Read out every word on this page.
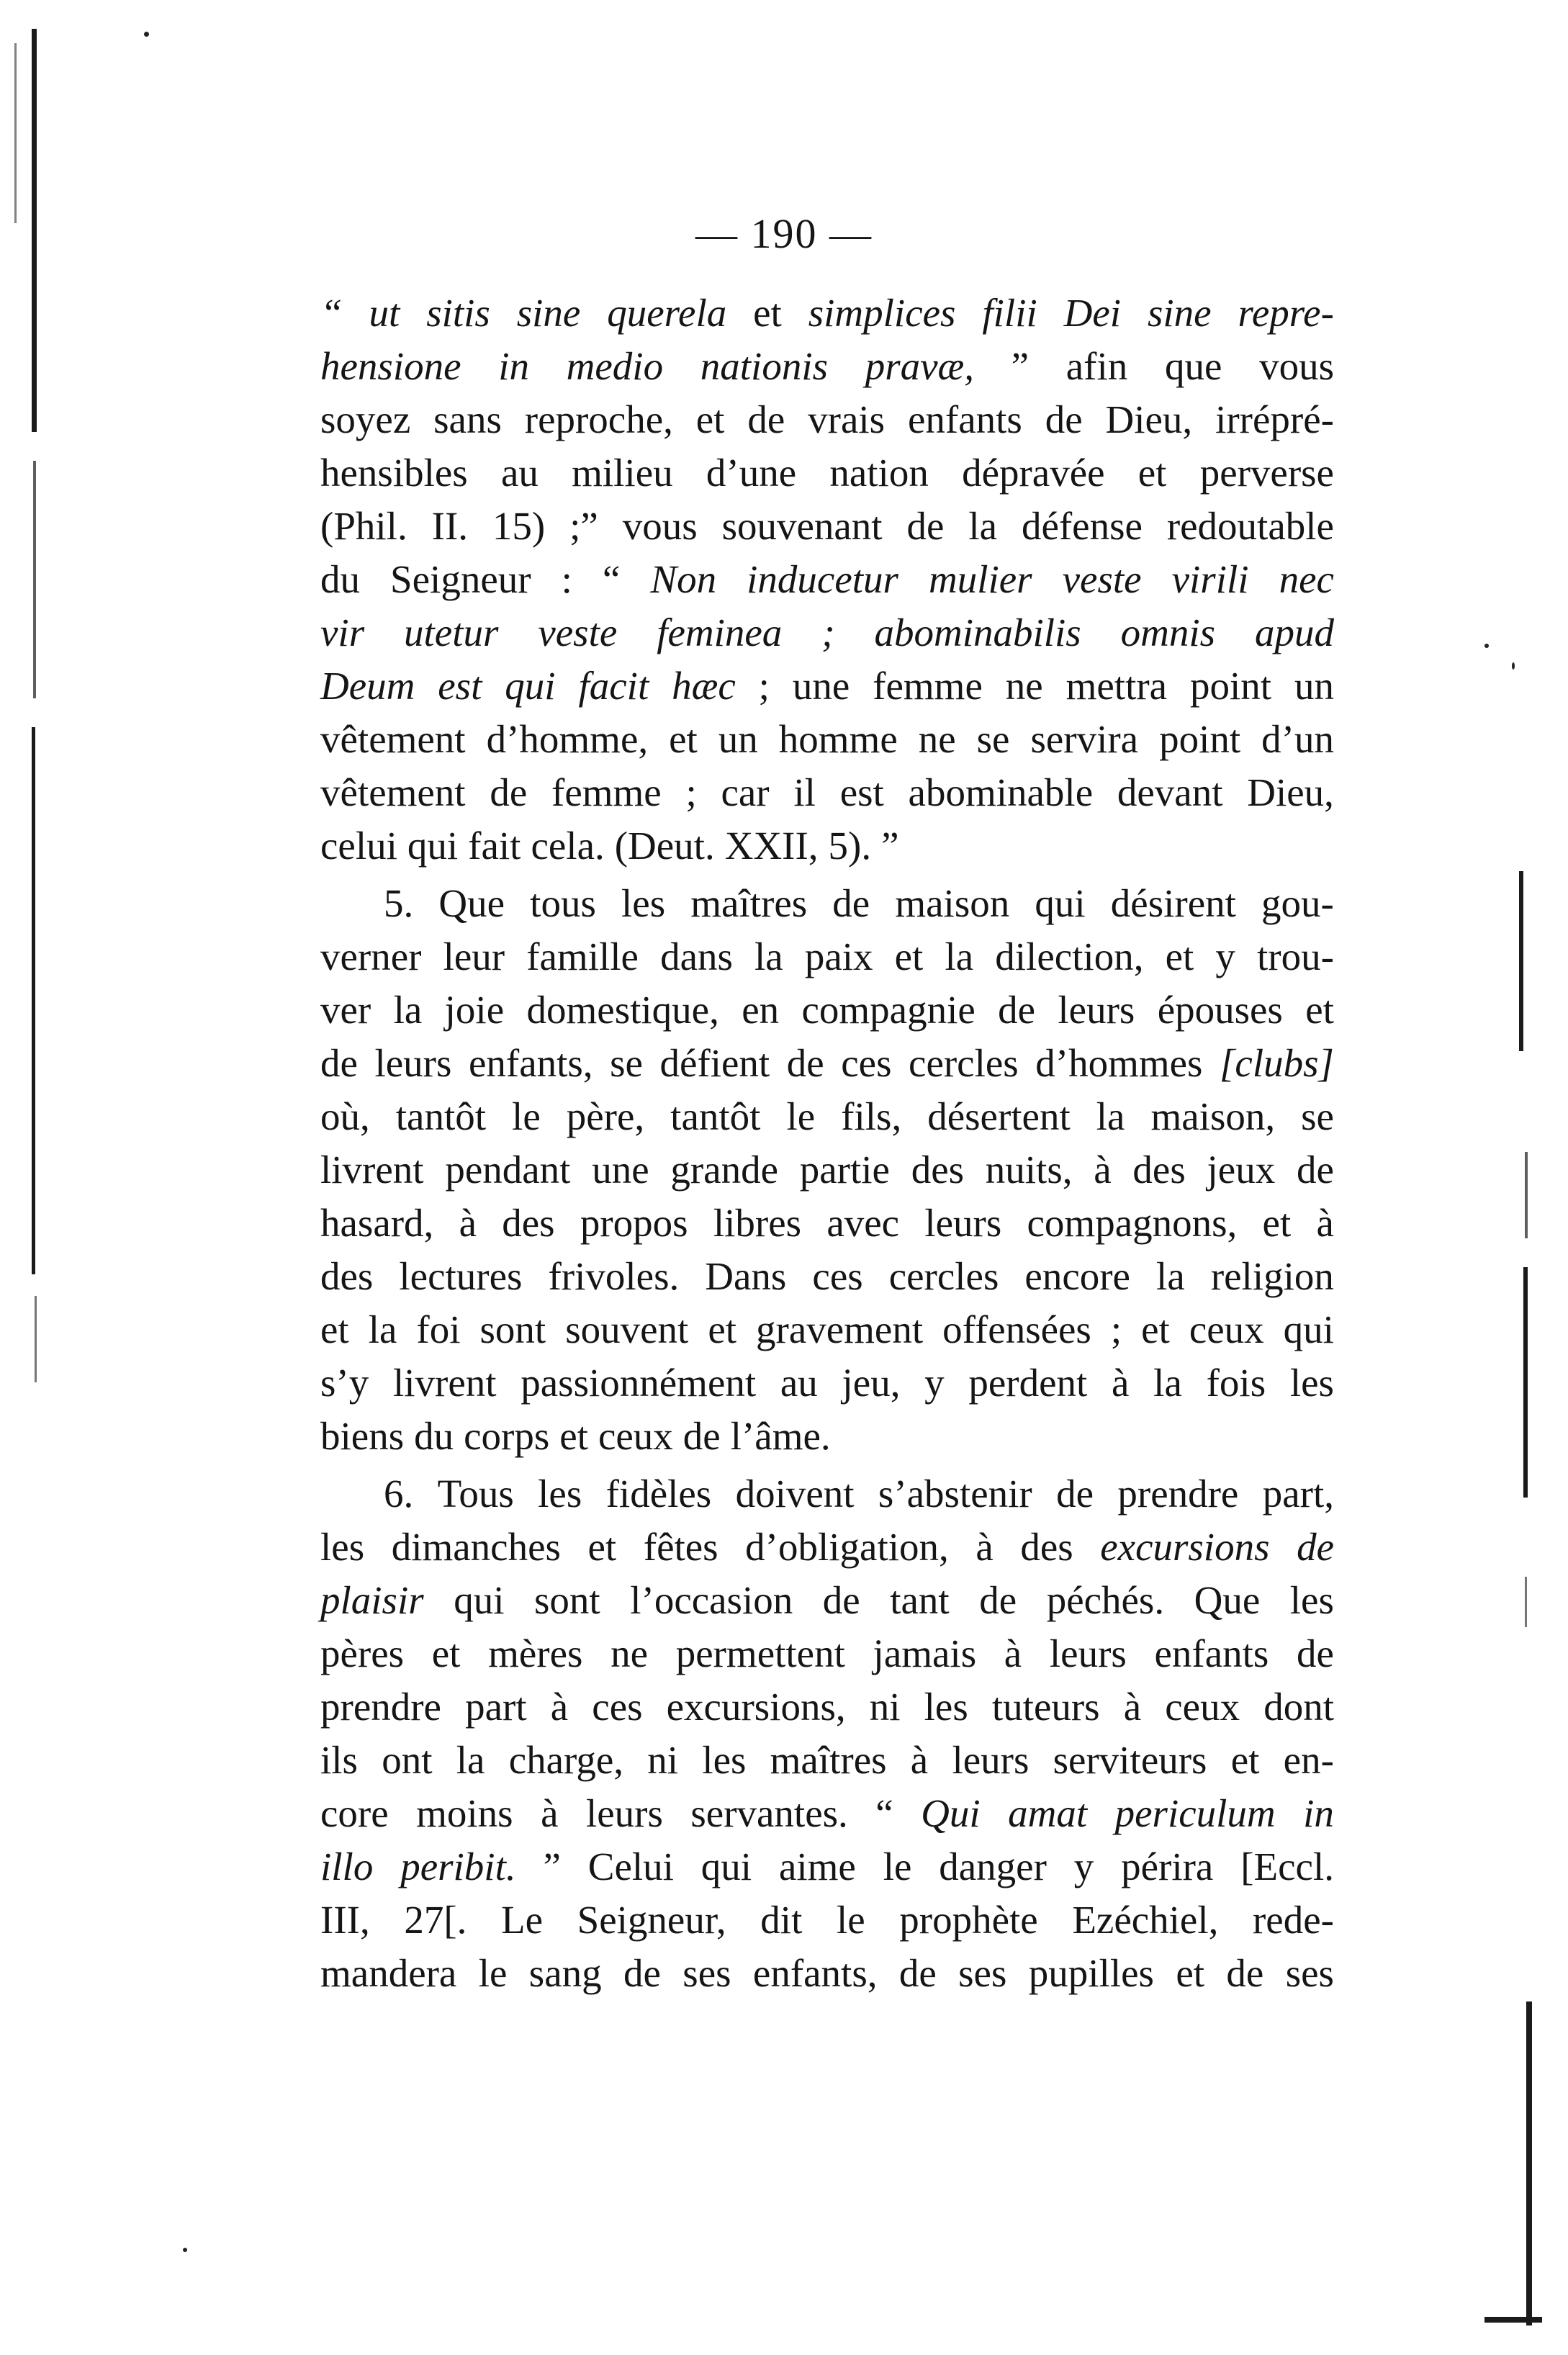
— 190 —
“ ut sitis sine querela et simplices filii Dei sine repre-
hensione in medio nationis pravæ, ” afin que vous
soyez sans reproche, et de vrais enfants de Dieu, irrépré-
hensibles au milieu d’une nation dépravée et perverse
(Phil. II. 15) ;” vous souvenant de la défense redoutable
du Seigneur : “ Non inducetur mulier veste virili nec
vir utetur veste feminea ; abominabilis omnis apud
Deum est qui facit hæc ; une femme ne mettra point un
vêtement d’homme, et un homme ne se servira point d’un
vêtement de femme ; car il est abominable devant Dieu,
celui qui fait cela. (Deut. XXII, 5). ”
5. Que tous les maîtres de maison qui désirent gou-
verner leur famille dans la paix et la dilection, et y trou-
ver la joie domestique, en compagnie de leurs épouses et
de leurs enfants, se défient de ces cercles d’hommes [clubs]
où, tantôt le père, tantôt le fils, désertent la maison, se
livrent pendant une grande partie des nuits, à des jeux de
hasard, à des propos libres avec leurs compagnons, et à
des lectures frivoles. Dans ces cercles encore la religion
et la foi sont souvent et gravement offensées ; et ceux qui
s’y livrent passionnément au jeu, y perdent à la fois les
biens du corps et ceux de l’âme.
6. Tous les fidèles doivent s’abstenir de prendre part,
les dimanches et fêtes d’obligation, à des excursions de
plaisir qui sont l’occasion de tant de péchés. Que les
pères et mères ne permettent jamais à leurs enfants de
prendre part à ces excursions, ni les tuteurs à ceux dont
ils ont la charge, ni les maîtres à leurs serviteurs et en-
core moins à leurs servantes. “ Qui amat periculum in
illo peribit. ” Celui qui aime le danger y périra [Eccl.
III, 27[. Le Seigneur, dit le prophète Ezéchiel, rede-
mandera le sang de ses enfants, de ses pupilles et de ses
